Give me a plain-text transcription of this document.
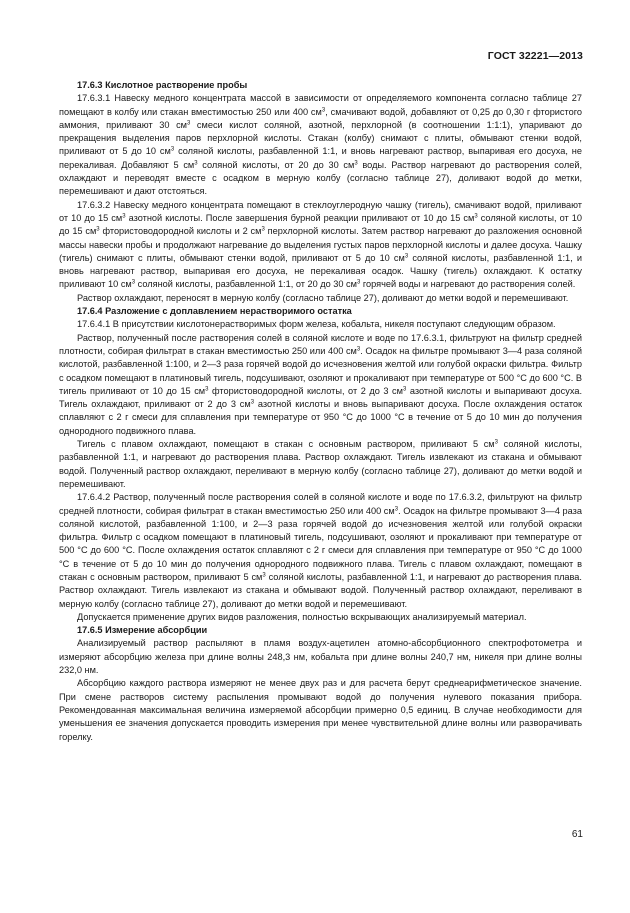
ГОСТ 32221—2013
17.6.3 Кислотное растворение пробы

17.6.3.1 Навеску медного концентрата массой в зависимости от определяемого компонента согласно таблице 27 помещают в колбу или стакан вместимостью 250 или 400 $см^3$, смачивают водой, добавляют от 0,25 до 0,30 г фтористого аммония, приливают 30 $см^3$ смеси кислот соляной, азотной, перхлорной (в соотношении 1:1:1), упаривают до прекращения выделения паров перхлорной кислоты. Стакан (колбу) снимают с плиты, обмывают стенки водой, приливают от 5 до 10 $см^3$ соляной кислоты, разбавленной 1:1, и вновь нагревают раствор, выпаривая его досуха, не перекаливая. Добавляют 5 $см^3$ соляной кислоты, от 20 до 30 $см^3$ воды. Раствор нагревают до растворения солей, охлаждают и переводят вместе с осадком в мерную колбу (согласно таблице 27), доливают водой до метки, перемешивают и дают отстояться.

17.6.3.2 Навеску медного концентрата помещают в стеклоуглеродную чашку (тигель), смачивают водой, приливают от 10 до 15 $см^3$ азотной кислоты. После завершения бурной реакции приливают от 10 до 15 $см^3$ соляной кислоты, от 10 до 15 $см^3$ фтористоводородной кислоты и 2 $см^3$ перхлорной кислоты. Затем раствор нагревают до разложения основной массы навески пробы и продолжают нагревание до выделения густых паров перхлорной кислоты и далее досуха. Чашку (тигель) снимают с плиты, обмывают стенки водой, приливают от 5 до 10 $см^3$ соляной кислоты, разбавленной 1:1, и вновь нагревают раствор, выпаривая его досуха, не перекаливая осадок. Чашку (тигель) охлаждают. К остатку приливают 10 $см^3$ соляной кислоты, разбавленной 1:1, от 20 до 30 $см^3$ горячей воды и нагревают до растворения солей.

Раствор охлаждают, переносят в мерную колбу (согласно таблице 27), доливают до метки водой и перемешивают.

17.6.4 Разложение с доплавлением нерастворимого остатка

17.6.4.1 В присутствии кислотонерастворимых форм железа, кобальта, никеля поступают следующим образом.

Раствор, полученный после растворения солей в соляной кислоте и воде по 17.6.3.1, фильтруют на фильтр средней плотности, собирая фильтрат в стакан вместимостью 250 или 400 $см^3$. Осадок на фильтре промывают 3—4 раза соляной кислотой, разбавленной 1:100, и 2—3 раза горячей водой до исчезновения желтой или голубой окраски фильтра. Фильтр с осадком помещают в платиновый тигель, подсушивают, озоляют и прокаливают при температуре от 500 °С до 600 °С. В тигель приливают от 10 до 15 $см^3$ фтористоводородной кислоты, от 2 до 3 $см^3$ азотной кислоты и выпаривают досуха. Тигель охлаждают, приливают от 2 до 3 $см^3$ азотной кислоты и вновь выпаривают досуха. После охлаждения остаток сплавляют с 2 г смеси для сплавления при температуре от 950 °С до 1000 °С в течение от 5 до 10 мин до получения однородного подвижного плава.

Тигель с плавом охлаждают, помещают в стакан с основным раствором, приливают 5 $см^3$ соляной кислоты, разбавленной 1:1, и нагревают до растворения плава. Раствор охлаждают. Тигель извлекают из стакана и обмывают водой. Полученный раствор охлаждают, переливают в мерную колбу (согласно таблице 27), доливают до метки водой и перемешивают.

17.6.4.2 Раствор, полученный после растворения солей в соляной кислоте и воде по 17.6.3.2, фильтруют на фильтр средней плотности, собирая фильтрат в стакан вместимостью 250 или 400 $см^3$. Осадок на фильтре промывают 3—4 раза соляной кислотой, разбавленной 1:100, и 2—3 раза горячей водой до исчезновения желтой или голубой окраски фильтра. Фильтр с осадком помещают в платиновый тигель, подсушивают, озоляют и прокаливают при температуре от 500 °С до 600 °С. После охлаждения остаток сплавляют с 2 г смеси для сплавления при температуре от 950 °С до 1000 °С в течение от 5 до 10 мин до получения однородного подвижного плава. Тигель с плавом охлаждают, помещают в стакан с основным раствором, приливают 5 $см^3$ соляной кислоты, разбавленной 1:1, и нагревают до растворения плава. Раствор охлаждают. Тигель извлекают из стакана и обмывают водой. Полученный раствор охлаждают, переливают в мерную колбу (согласно таблице 27), доливают до метки водой и перемешивают.

Допускается применение других видов разложения, полностью вскрывающих анализируемый материал.

17.6.5 Измерение абсорбции

Анализируемый раствор распыляют в пламя воздух-ацетилен атомно-абсорбционного спектрофотометра и измеряют абсорбцию железа при длине волны 248,3 нм, кобальта при длине волны 240,7 нм, никеля при длине волны 232,0 нм.

Абсорбцию каждого раствора измеряют не менее двух раз и для расчета берут среднеарифметическое значение. При смене растворов систему распыления промывают водой до получения нулевого показания прибора. Рекомендованная максимальная величина измеряемой абсорбции примерно 0,5 единиц. В случае необходимости для уменьшения ее значения допускается проводить измерения при менее чувствительной длине волны или разворачивать горелку.

61
